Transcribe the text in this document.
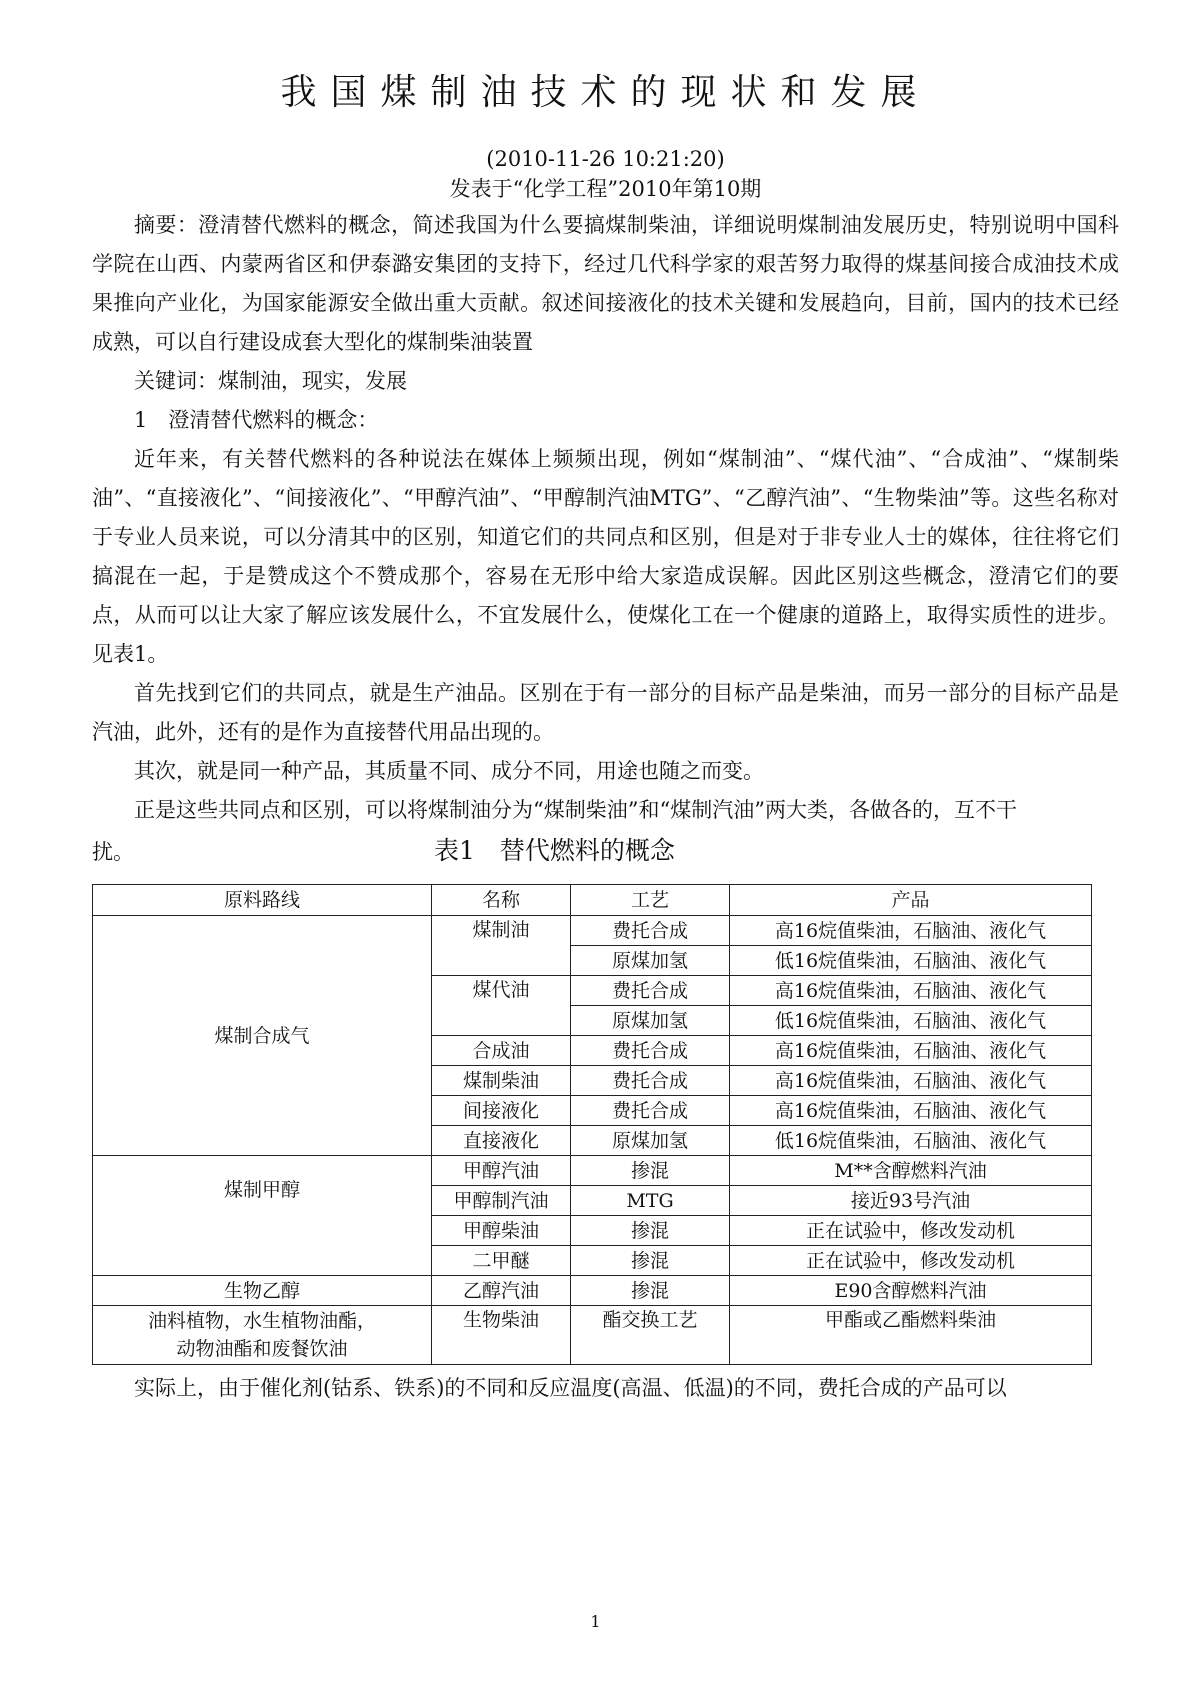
我国煤制油技术的现状和发展
(2010-11-26 10:21:20)
发表于“化学工程”2010年第10期

摘要：澄清替代燃料的概念，简述我国为什么要搞煤制柴油，详细说明煤制油发展历史，特别说明中国科学院在山西、内蒙两省区和伊泰潞安集团的支持下，经过几代科学家的艰苦努力取得的煤基间接合成油技术成果推向产业化，为国家能源安全做出重大贡献。叙述间接液化的技术关键和发展趋向，目前，国内的技术已经成熟，可以自行建设成套大型化的煤制柴油装置

关键词：煤制油，现实，发展

1　澄清替代燃料的概念：

近年来，有关替代燃料的各种说法在媒体上频频出现，例如“煤制油”、“煤代油”、“合成油”、“煤制柴油”、“直接液化”、“间接液化”、“甲醇汽油”、“甲醇制汽油MTG”、“乙醇汽油”、“生物柴油”等。这些名称对于专业人员来说，可以分清其中的区别，知道它们的共同点和区别，但是对于非专业人士的媒体，往往将它们搞混在一起，于是赞成这个不赞成那个，容易在无形中给大家造成误解。因此区别这些概念，澄清它们的要点，从而可以让大家了解应该发展什么，不宜发展什么，使煤化工在一个健康的道路上，取得实质性的进步。见表1。

首先找到它们的共同点，就是生产油品。区别在于有一部分的目标产品是柴油，而另一部分的目标产品是汽油，此外，还有的是作为直接替代用品出现的。

其次，就是同一种产品，其质量不同、成分不同，用途也随之而变。

正是这些共同点和区别，可以将煤制油分为“煤制柴油”和“煤制汽油”两大类，各做各的，互不干

扰。	表1　替代燃料的概念
原料路线	名称	工艺	产品
煤制合成气	煤制油	费托合成	高16烷值柴油，石脑油、液化气
		原煤加氢	低16烷值柴油，石脑油、液化气
	煤代油	费托合成	高16烷值柴油，石脑油、液化气
		原煤加氢	低16烷值柴油，石脑油、液化气
	合成油	费托合成	高16烷值柴油，石脑油、液化气
	煤制柴油	费托合成	高16烷值柴油，石脑油、液化气
	间接液化	费托合成	高16烷值柴油，石脑油、液化气
	直接液化	原煤加氢	低16烷值柴油，石脑油、液化气
煤制甲醇	甲醇汽油	掺混	M**含醇燃料汽油
	甲醇制汽油	MTG	接近93号汽油
	甲醇柴油	掺混	正在试验中，修改发动机
	二甲醚	掺混	正在试验中，修改发动机
生物乙醇	乙醇汽油	掺混	E90含醇燃料汽油

油料植物，水生植物油酯，
动物油酯和废餐饮油	生物柴油	酯交换工艺	甲酯或乙酯燃料柴油

实际上，由于催化剂(钴系、铁系)的不同和反应温度(高温、低温)的不同，费托合成的产品可以

1
